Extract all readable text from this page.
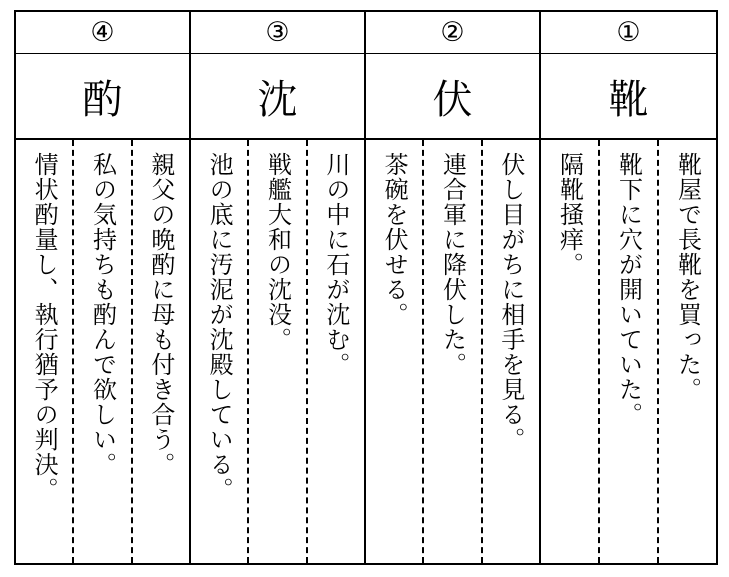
④
酌
親父の晩酌に母も付き合う。
私の気持ちも酌んで欲しい。
情状酌量し、執行猶予の判決。
③
沈
川の中に石が沈む。
戦艦大和の沈没。
池の底に汚泥が沈殿している。
②
伏
伏し目がちに相手を見る。
連合軍に降伏した。
茶碗を伏せる。
①
靴
靴屋で長靴を買った。
靴下に穴が開いていた。
隔靴掻痒。
